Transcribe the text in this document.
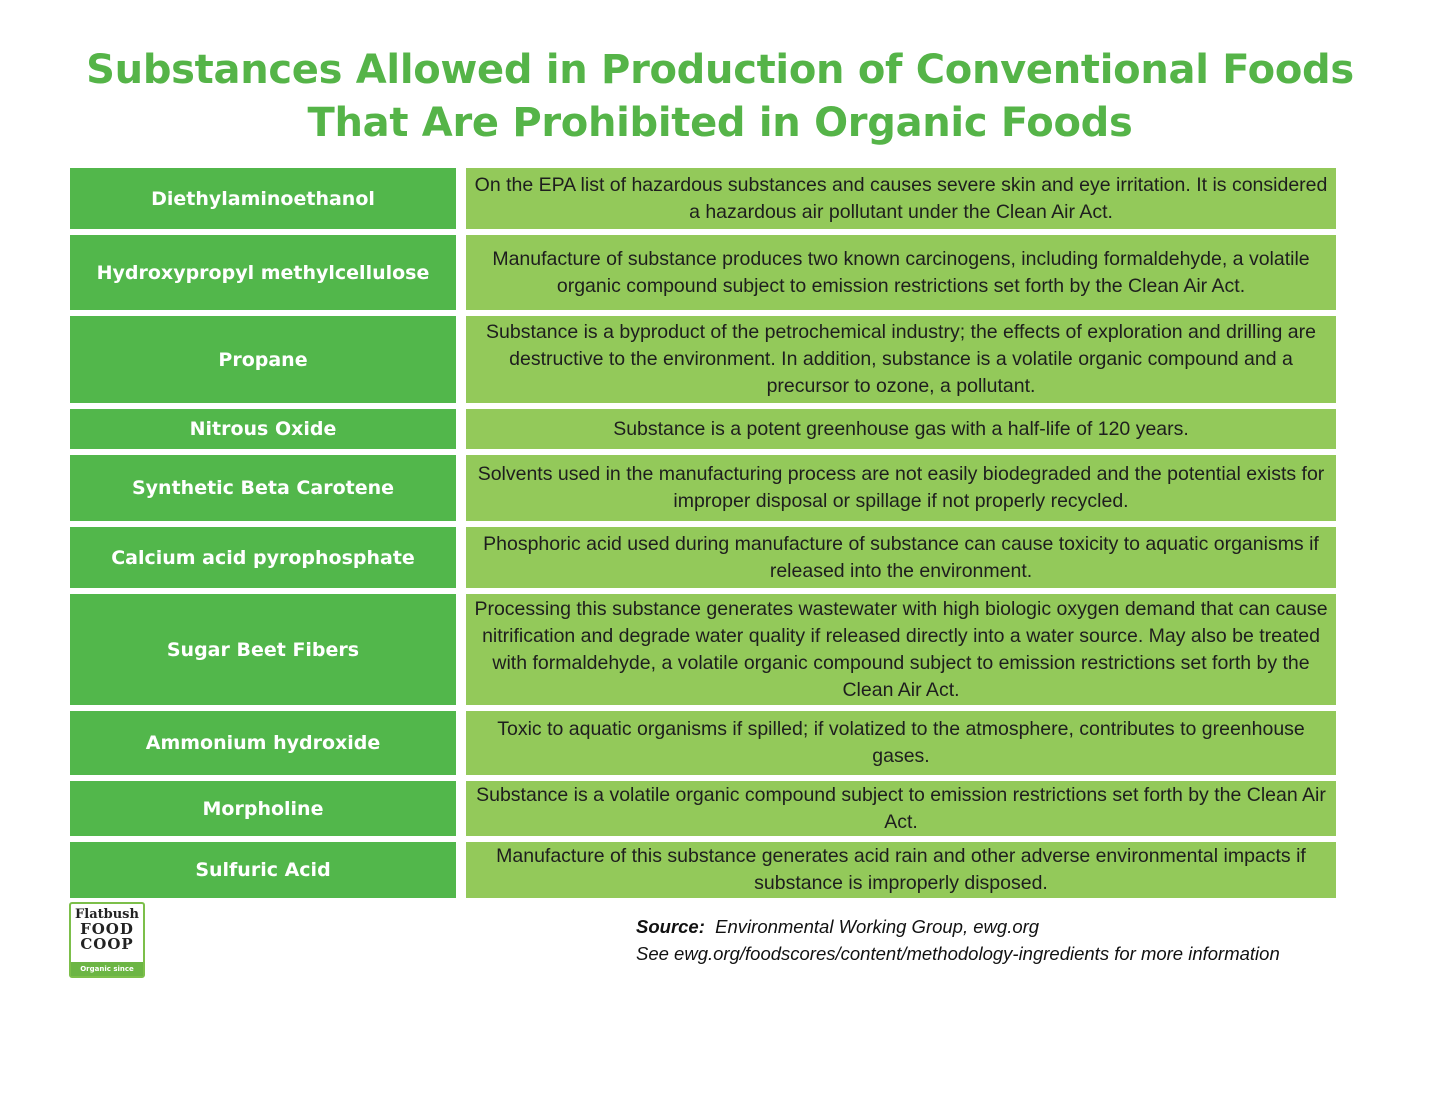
Substances Allowed in Production of Conventional Foods
That Are Prohibited in Organic Foods
Diethylaminoethanol
On the EPA list of hazardous substances and causes severe skin and eye irritation. It is considered a hazardous air pollutant under the Clean Air Act.
Hydroxypropyl methylcellulose
Manufacture of substance produces two known carcinogens, including formaldehyde, a volatile organic compound subject to emission restrictions set forth by the Clean Air Act.
Propane
Substance is a byproduct of the petrochemical industry; the effects of exploration and drilling are destructive to the environment. In addition, substance is a volatile organic compound and a precursor to ozone, a pollutant.
Nitrous Oxide	Substance is a potent greenhouse gas with a half-life of 120 years.
Synthetic Beta Carotene
Solvents used in the manufacturing process are not easily biodegraded and the potential exists for improper disposal or spillage if not properly recycled.
Calcium acid pyrophosphate
Phosphoric acid used during manufacture of substance can cause toxicity to aquatic organisms if released into the environment.
Sugar Beet Fibers
Processing this substance generates wastewater with high biologic oxygen demand that can cause nitrification and degrade water quality if released directly into a water source. May also be treated with formaldehyde, a volatile organic compound subject to emission restrictions set forth by the Clean Air Act.
Ammonium hydroxide
Toxic to aquatic organisms if spilled; if volatized to the atmosphere, contributes to greenhouse gases.
Morpholine
Substance is a volatile organic compound subject to emission restrictions set forth by the Clean Air Act.
Sulfuric Acid
Manufacture of this substance generates acid rain and other adverse environmental impacts if substance is improperly disposed.
Flatbush
FOOD
COOP
Organic since 1976
Source: Environmental Working Group, ewg.org
See ewg.org/foodscores/content/methodology-ingredients for more information
